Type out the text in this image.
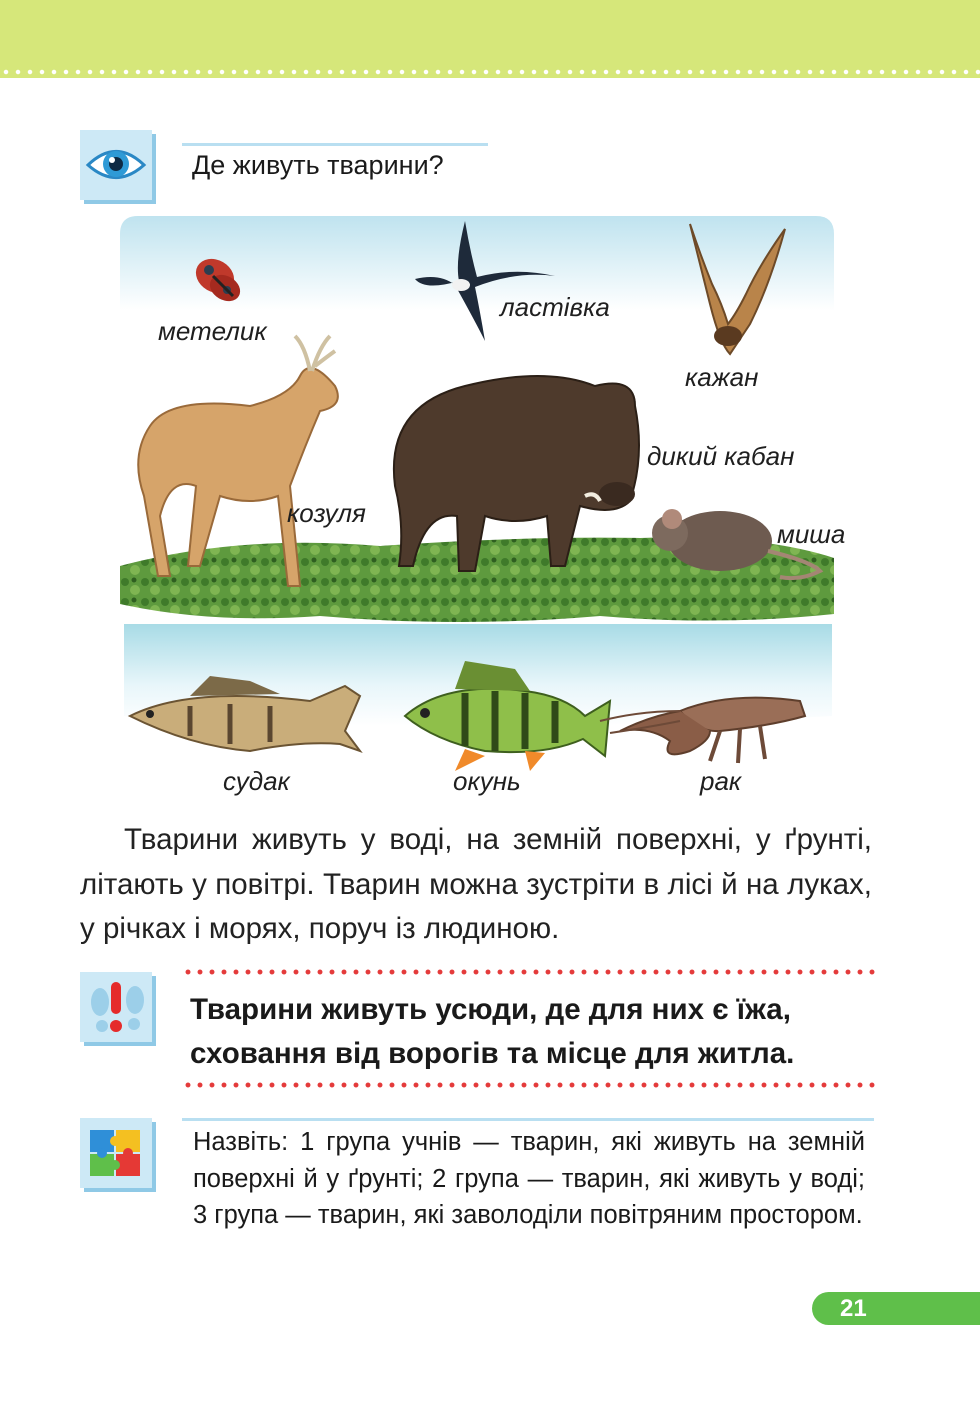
Де живуть тварини?
метелик
ластівка
кажан
дикий кабан
козуля
миша
судак	окунь	рак
Тварини живуть у воді, на земній поверхні, у ґрунті, літають у повітрі. Тварин можна зустріти в лісі й на луках, у річках і морях, поруч із людиною.
Тварини живуть усюди, де для них є їжа,
сховання від ворогів та місце для житла.
Назвіть: 1 група учнів — тварин, які живуть на земній поверхні й у ґрунті; 2 група — тварин, які живуть у воді; 3 група — тварин, які заволоділи повітряним простором.
21
